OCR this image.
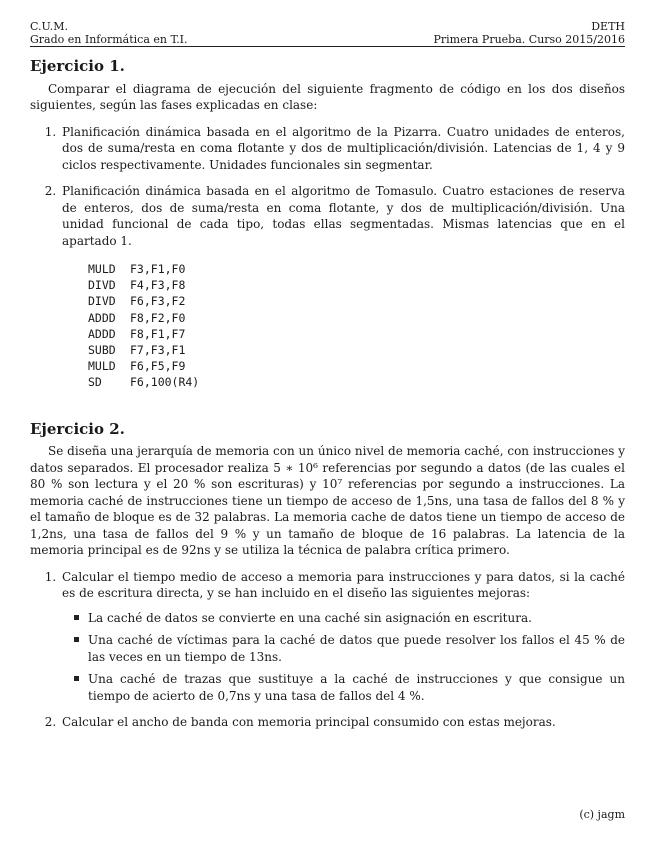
C.U.M.	DETH
Grado en Informática en T.I.	Primera Prueba. Curso 2015/2016
Ejercicio 1.

Comparar el diagrama de ejecución del siguiente fragmento de código en los dos diseños siguientes, según las fases explicadas en clase:

1. Planificación dinámica basada en el algoritmo de la Pizarra. Cuatro unidades de enteros, dos de suma/resta en coma flotante y dos de multiplicación/división. Latencias de 1, 4 y 9 ciclos respectivamente. Unidades funcionales sin segmentar.
2. Planificación dinámica basada en el algoritmo de Tomasulo. Cuatro estaciones de reserva de enteros, dos de suma/resta en coma flotante, y dos de multiplicación/división. Una unidad funcional de cada tipo, todas ellas segmentadas. Mismas latencias que en el apartado 1.
MULD	F3,F1,F0
DIVD	F4,F3,F8
DIVD	F6,F3,F2
ADDD	F8,F2,F0
ADDD	F8,F1,F7
SUBD	F7,F3,F1
MULD	F6,F5,F9
SD	F6,100(R4)
Ejercicio 2.

Se diseña una jerarquía de memoria con un único nivel de memoria caché, con instrucciones y datos separados. El procesador realiza 5 ∗ 10⁶ referencias por segundo a datos (de las cuales el 80 % son lectura y el 20 % son escrituras) y 10⁷ referencias por segundo a instrucciones. La memoria caché de instrucciones tiene un tiempo de acceso de 1,5ns, una tasa de fallos del 8 % y el tamaño de bloque es de 32 palabras. La memoria cache de datos tiene un tiempo de acceso de 1,2ns, una tasa de fallos del 9 % y un tamaño de bloque de 16 palabras. La latencia de la memoria principal es de 92ns y se utiliza la técnica de palabra crítica primero.

1. Calcular el tiempo medio de acceso a memoria para instrucciones y para datos, si la caché es de escritura directa, y se han incluido en el diseño las siguientes mejoras:
La caché de datos se convierte en una caché sin asignación en escritura.
Una caché de víctimas para la caché de datos que puede resolver los fallos el 45 % de las veces en un tiempo de 13ns.
Una caché de trazas que sustituye a la caché de instrucciones y que consigue un tiempo de acierto de 0,7ns y una tasa de fallos del 4 %.
2. Calcular el ancho de banda con memoria principal consumido con estas mejoras.
(c) jagm
